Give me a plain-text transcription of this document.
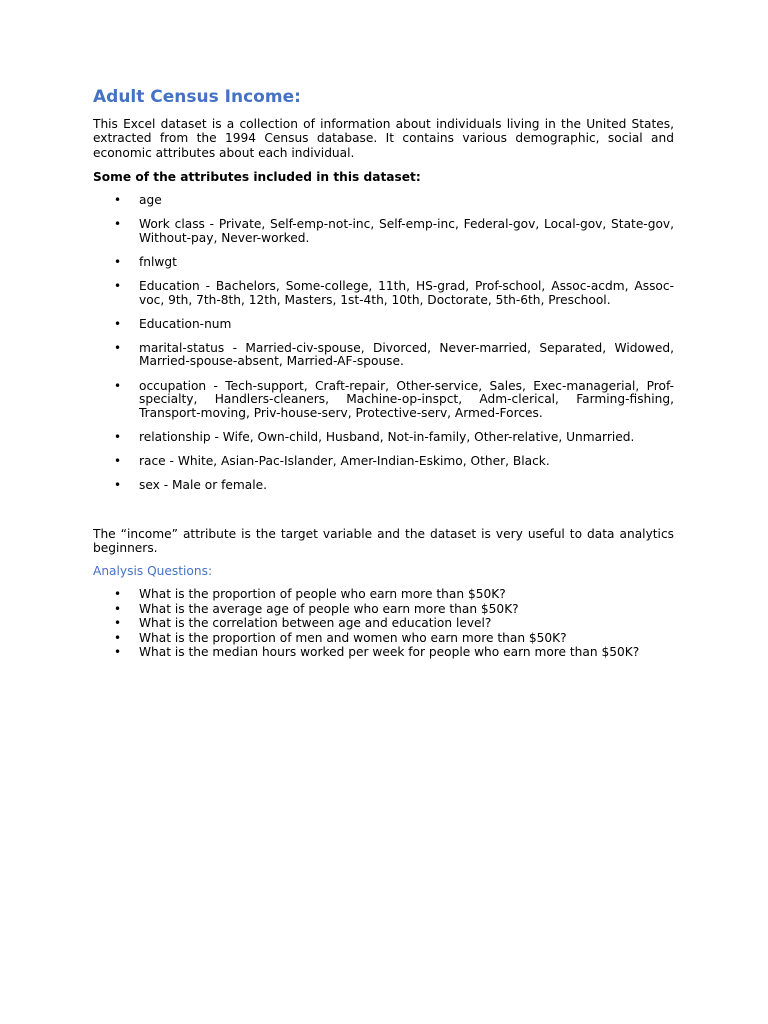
Adult Census Income:

This Excel dataset is a collection of information about individuals living in the United States, extracted from the 1994 Census database. It contains various demographic, social and economic attributes about each individual.

Some of the attributes included in this dataset:

• age
• Work class - Private, Self-emp-not-inc, Self-emp-inc, Federal-gov, Local-gov, State-gov, Without-pay, Never-worked.
• fnlwgt
• Education - Bachelors, Some-college, 11th, HS-grad, Prof-school, Assoc-acdm, Assoc-voc, 9th, 7th-8th, 12th, Masters, 1st-4th, 10th, Doctorate, 5th-6th, Preschool.
• Education-num
• marital-status - Married-civ-spouse, Divorced, Never-married, Separated, Widowed, Married-spouse-absent, Married-AF-spouse.
• occupation - Tech-support, Craft-repair, Other-service, Sales, Exec-managerial, Prof-specialty, Handlers-cleaners, Machine-op-inspct, Adm-clerical, Farming-fishing, Transport-moving, Priv-house-serv, Protective-serv, Armed-Forces.
• relationship - Wife, Own-child, Husband, Not-in-family, Other-relative, Unmarried.
• race - White, Asian-Pac-Islander, Amer-Indian-Eskimo, Other, Black.
• sex - Male or female.

The “income” attribute is the target variable and the dataset is very useful to data analytics beginners.

Analysis Questions:

• What is the proportion of people who earn more than $50K?
• What is the average age of people who earn more than $50K?
• What is the correlation between age and education level?
• What is the proportion of men and women who earn more than $50K?
• What is the median hours worked per week for people who earn more than $50K?
